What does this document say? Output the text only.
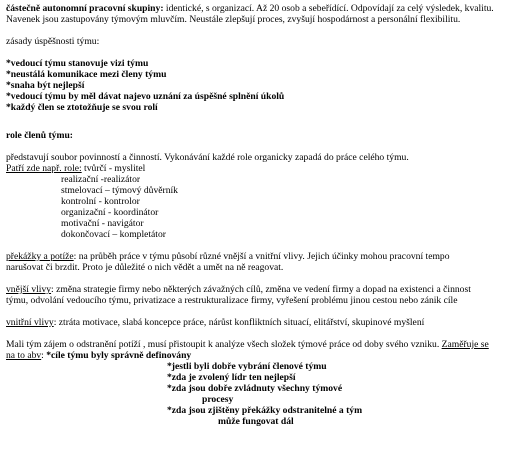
částečně autonomní pracovní skupiny: identické, s organizací. Až 20 osob a sebeřídící. Odpovídají za celý výsledek, kvalitu.

Navenek jsou zastupovány týmovým mluvčím. Neustále zlepšují proces, zvyšují hospodárnost a personální flexibilitu.

zásady úspěšnosti týmu:

*vedoucí týmu stanovuje vizi týmu

*neustálá komunikace mezi členy týmu

*snaha být nejlepší

*vedoucí týmu by měl dávat najevo uznání za úspěšné splnění úkolů

*každý člen se ztotožňuje se svou rolí

role členů týmu:

představují soubor povinností a činností. Vykonávání každé role organicky zapadá do práce celého týmu.

Patří zde např. role: tvůrčí - myslitel

realizační -realizátor

stmelovací – týmový důvěrník

kontrolní - kontrolor

organizační - koordinátor

motivační - navigátor

dokončovací – kompletátor

překážky a potíže: na průběh práce v týmu působí různé vnější a vnitřní vlivy. Jejich účinky mohou pracovní tempo

narušovat či brzdit. Proto je důležité o nich vědět a umět na ně reagovat.

vnější vlivy: změna strategie firmy nebo některých závažných cílů, změna ve vedení firmy a dopad na existenci a činnost

týmu, odvolání vedoucího týmu, privatizace a restrukturalizace firmy, vyřešení problému jinou cestou nebo zánik cíle

vnitřní vlivy: ztráta motivace, slabá koncepce práce, nárůst konfliktních situací, elitářství, skupinové myšlení

Mali tým zájem o odstranění potíží , musí přistoupit k analýze všech složek týmové práce od doby svého vzniku. Zaměřuje se

na to abv: *cíle týmu byly správně definovány

*jestli byli dobře vybrání členové týmu

*zda je zvolený lídr ten nejlepší

*zda jsou dobře zvládnuty všechny týmové

procesy

*zda jsou zjištěny překážky odstranitelné a tým

může fungovat dál
